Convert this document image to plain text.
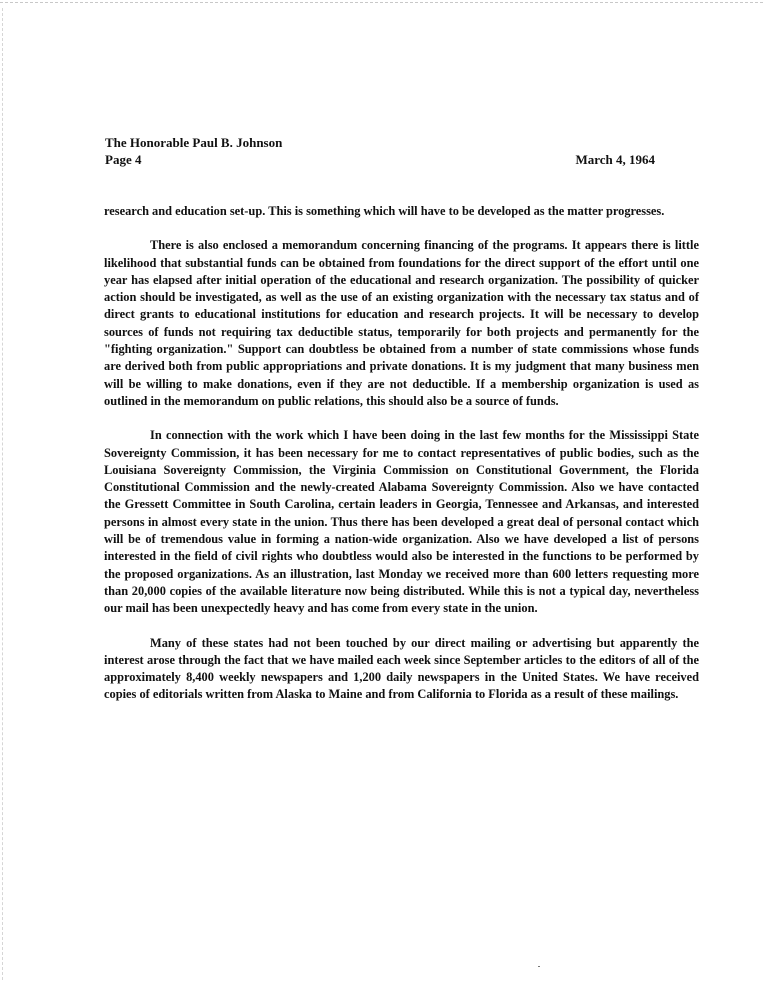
The Honorable Paul B. Johnson
Page 4	March 4, 1964

research and education set-up. This is something which will have to be developed as the matter progresses.

There is also enclosed a memorandum concerning financing of the programs. It appears there is little likelihood that substantial funds can be obtained from foundations for the direct support of the effort until one year has elapsed after initial operation of the educational and research organization. The possibility of quicker action should be investigated, as well as the use of an existing organization with the necessary tax status and of direct grants to educational institutions for education and research projects. It will be necessary to develop sources of funds not requiring tax deductible status, temporarily for both projects and permanently for the "fighting organization." Support can doubtless be obtained from a number of state commissions whose funds are derived both from public appropriations and private donations. It is my judgment that many business men will be willing to make donations, even if they are not deductible. If a membership organization is used as outlined in the memorandum on public relations, this should also be a source of funds.

In connection with the work which I have been doing in the last few months for the Mississippi State Sovereignty Commission, it has been necessary for me to contact representatives of public bodies, such as the Louisiana Sovereignty Commission, the Virginia Commission on Constitutional Government, the Florida Constitutional Commission and the newly-created Alabama Sovereignty Commission. Also we have contacted the Gressett Committee in South Carolina, certain leaders in Georgia, Tennessee and Arkansas, and interested persons in almost every state in the union. Thus there has been developed a great deal of personal contact which will be of tremendous value in forming a nation-wide organization. Also we have developed a list of persons interested in the field of civil rights who doubtless would also be interested in the functions to be performed by the proposed organizations. As an illustration, last Monday we received more than 600 letters requesting more than 20,000 copies of the available literature now being distributed. While this is not a typical day, nevertheless our mail has been unexpectedly heavy and has come from every state in the union.

Many of these states had not been touched by our direct mailing or advertising but apparently the interest arose through the fact that we have mailed each week since September articles to the editors of all of the approximately 8,400 weekly newspapers and 1,200 daily newspapers in the United States. We have received copies of editorials written from Alaska to Maine and from California to Florida as a result of these mailings.
